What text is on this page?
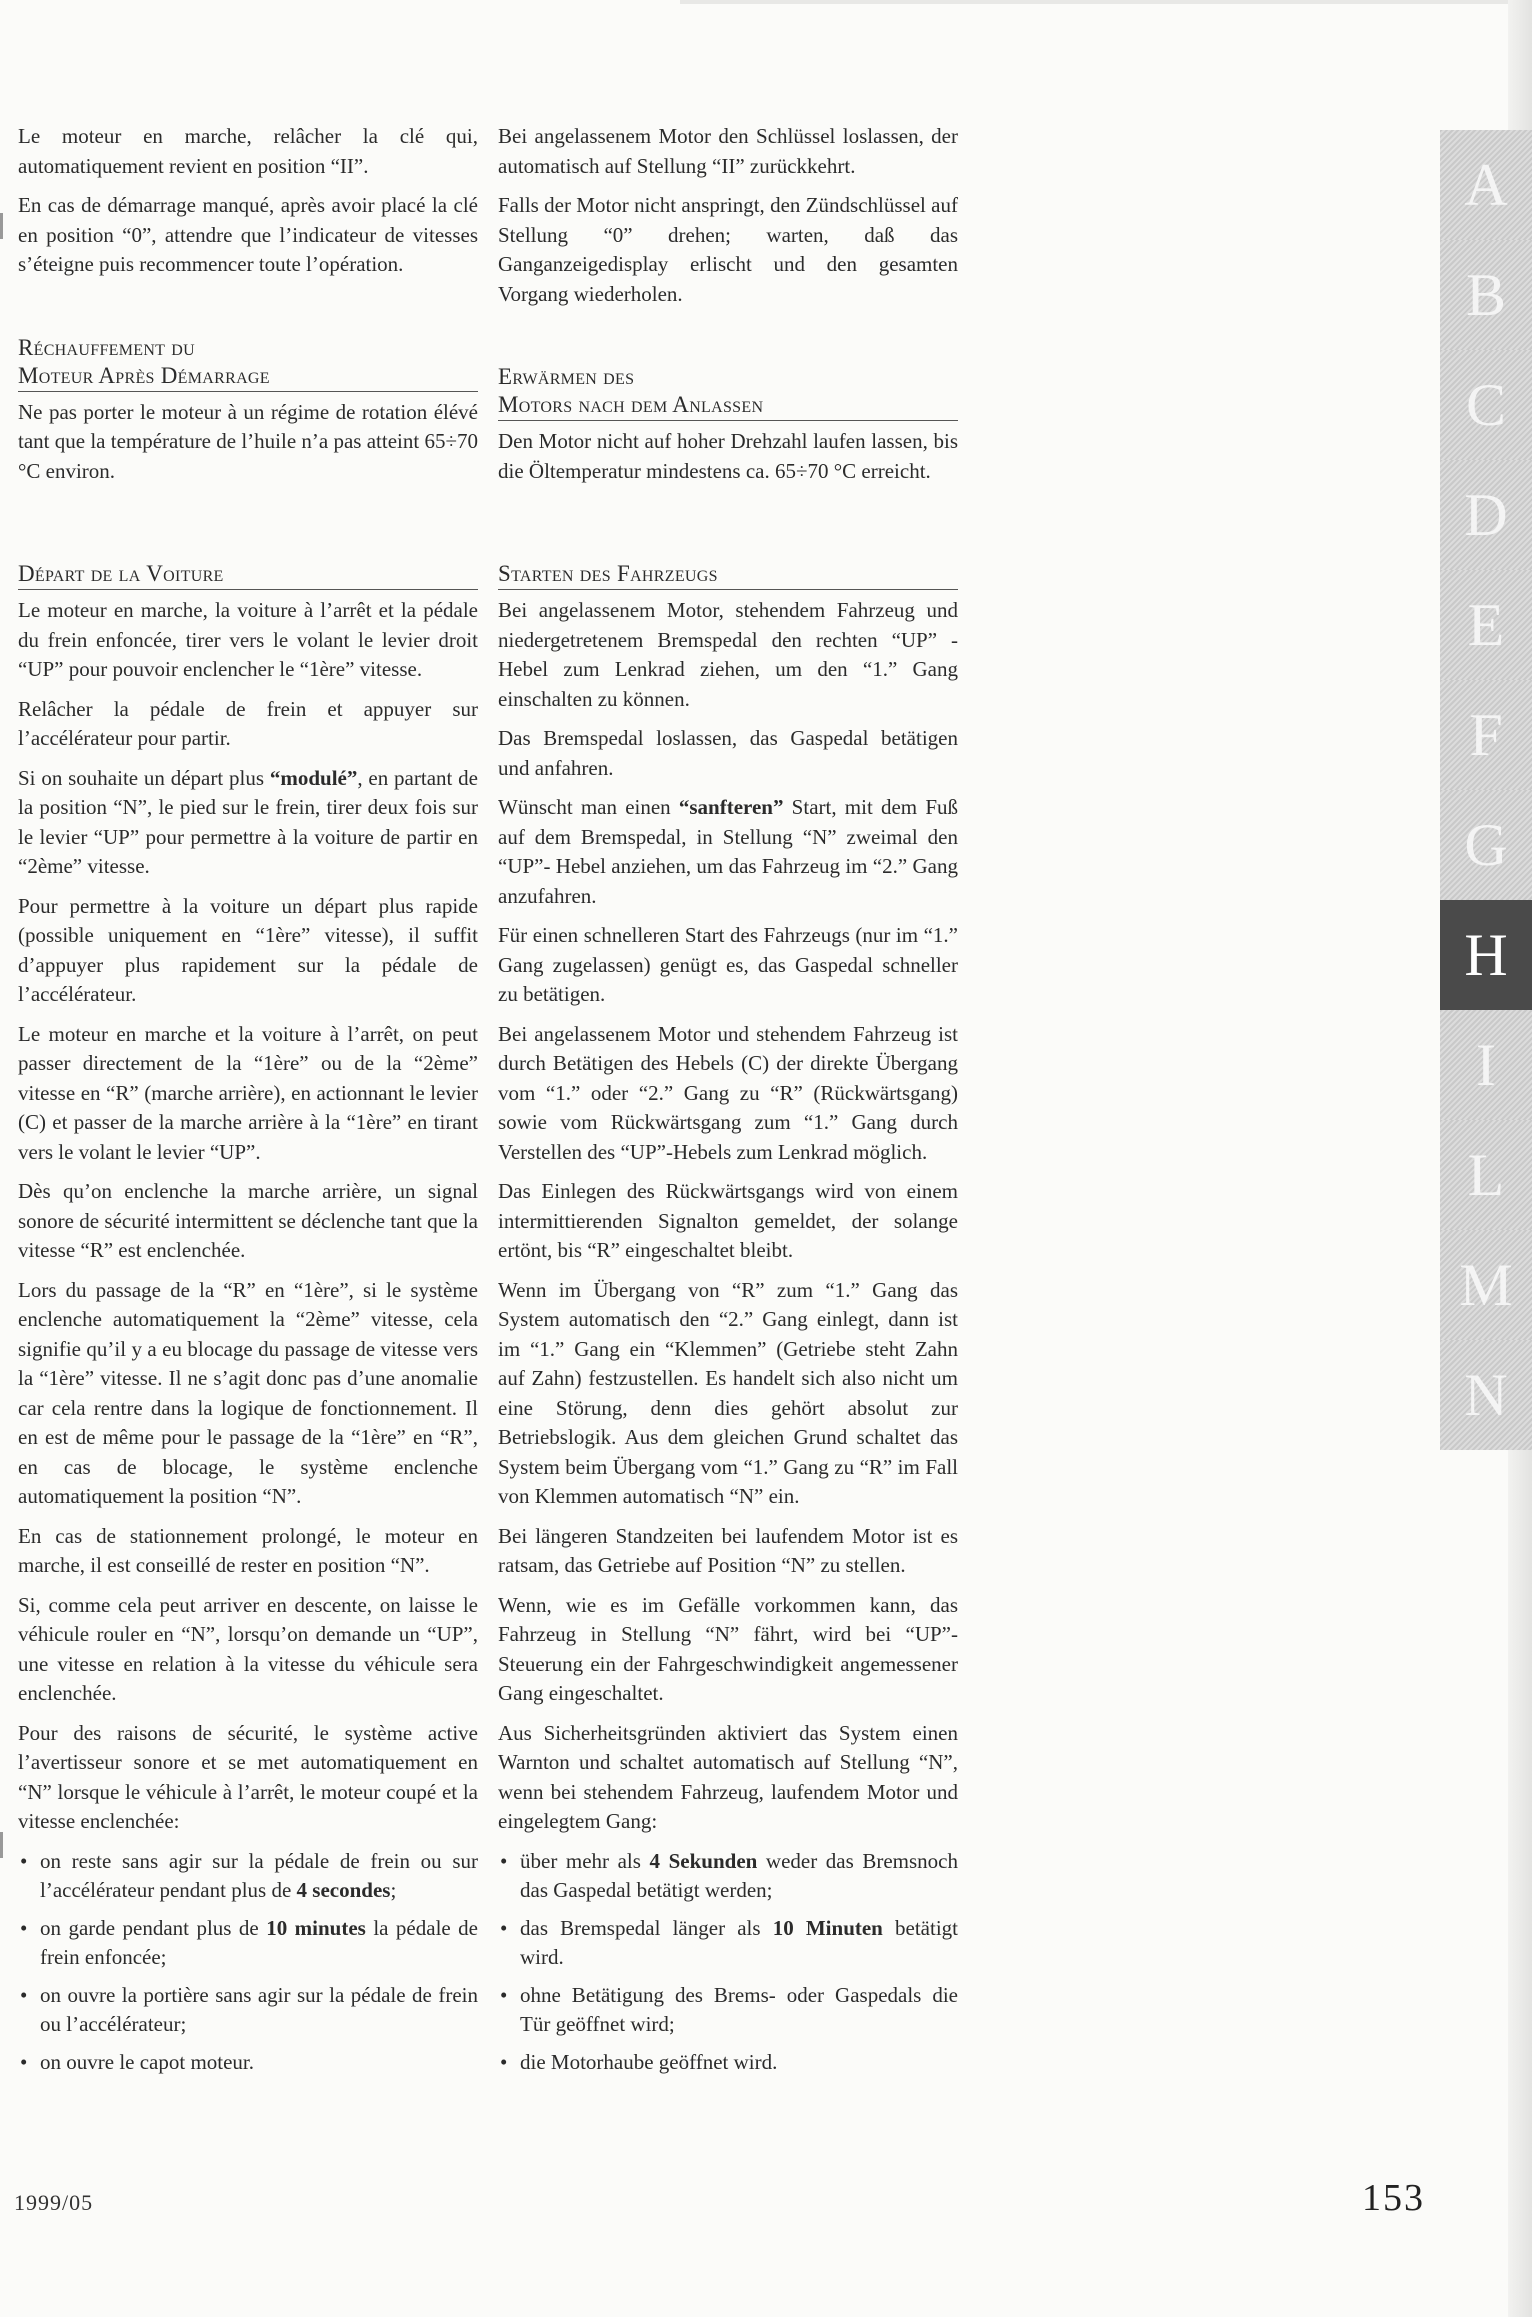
Le moteur en marche, relâcher la clé qui, automatiquement revient en position “II”.

En cas de démarrage manqué, après avoir placé la clé en position “0”, attendre que l’indicateur de vitesses s’éteigne puis recommencer toute l’opération.

Réchauffement du
Moteur Après Démarrage

Ne pas porter le moteur à un régime de rotation élévé tant que la température de l’huile n’a pas atteint 65÷70 °C environ.

Départ de la Voiture

Le moteur en marche, la voiture à l’arrêt et la pédale du frein enfoncée, tirer vers le volant le levier droit “UP” pour pouvoir enclencher le “1ère” vitesse.

Relâcher la pédale de frein et appuyer sur l’accélérateur pour partir.

Si on souhaite un départ plus “modulé”, en partant de la position “N”, le pied sur le frein, tirer deux fois sur le levier “UP” pour permettre à la voiture de partir en “2ème” vitesse.

Pour permettre à la voiture un départ plus rapide (possible uniquement en “1ère” vitesse), il suffit d’appuyer plus rapidement sur la pédale de l’accélérateur.

Le moteur en marche et la voiture à l’arrêt, on peut passer directement de la “1ère” ou de la “2ème” vitesse en “R” (marche arrière), en actionnant le levier (C) et passer de la marche arrière à la “1ère” en tirant vers le volant le levier “UP”.

Dès qu’on enclenche la marche arrière, un signal sonore de sécurité intermittent se déclenche tant que la vitesse “R” est enclenchée.

Lors du passage de la “R” en “1ère”, si le système enclenche automatiquement la “2ème” vitesse, cela signifie qu’il y a eu blocage du passage de vitesse vers la “1ère” vitesse. Il ne s’agit donc pas d’une anomalie car cela rentre dans la logique de fonctionnement. Il en est de même pour le passage de la “1ère” en “R”, en cas de blocage, le système enclenche automatiquement la position “N”.

En cas de stationnement prolongé, le moteur en marche, il est conseillé de rester en position “N”.

Si, comme cela peut arriver en descente, on laisse le véhicule rouler en “N”, lorsqu’on demande un “UP”, une vitesse en relation à la vitesse du véhicule sera enclenchée.

Pour des raisons de sécurité, le système active l’avertisseur sonore et se met automatiquement en “N” lorsque le véhicule à l’arrêt, le moteur coupé et la vitesse enclenchée:

• on reste sans agir sur la pédale de frein ou sur l’accélérateur pendant plus de 4 secondes;
• on garde pendant plus de 10 minutes la pédale de frein enfoncée;
• on ouvre la portière sans agir sur la pédale de frein ou l’accélérateur;
• on ouvre le capot moteur.

Bei angelassenem Motor den Schlüssel loslassen, der automatisch auf Stellung “II” zurückkehrt.

Falls der Motor nicht anspringt, den Zündschlüssel auf Stellung “0” drehen; warten, daß das Ganganzeigedisplay erlischt und den gesamten Vorgang wiederholen.

Erwärmen des
Motors nach dem Anlassen

Den Motor nicht auf hoher Drehzahl laufen lassen, bis die Öltemperatur mindestens ca. 65÷70 °C erreicht.

Starten des Fahrzeugs

Bei angelassenem Motor, stehendem Fahrzeug und niedergetretenem Bremspedal den rechten “UP” - Hebel zum Lenkrad ziehen, um den “1.” Gang einschalten zu können.

Das Bremspedal loslassen, das Gaspedal betätigen und anfahren.

Wünscht man einen “sanfteren” Start, mit dem Fuß auf dem Bremspedal, in Stellung “N” zweimal den “UP”- Hebel anziehen, um das Fahrzeug im “2.” Gang anzufahren.

Für einen schnelleren Start des Fahrzeugs (nur im “1.” Gang zugelassen) genügt es, das Gaspedal schneller zu betätigen.

Bei angelassenem Motor und stehendem Fahrzeug ist durch Betätigen des Hebels (C) der direkte Übergang vom “1.” oder “2.” Gang zu “R” (Rückwärtsgang) sowie vom Rückwärtsgang zum “1.” Gang durch Verstellen des “UP”-Hebels zum Lenkrad möglich.

Das Einlegen des Rückwärtsgangs wird von einem intermittierenden Signalton gemeldet, der solange ertönt, bis “R” eingeschaltet bleibt.

Wenn im Übergang von “R” zum “1.” Gang das System automatisch den “2.” Gang einlegt, dann ist im “1.” Gang ein “Klemmen” (Getriebe steht Zahn auf Zahn) festzustellen. Es handelt sich also nicht um eine Störung, denn dies gehört absolut zur Betriebslogik. Aus dem gleichen Grund schaltet das System beim Übergang vom “1.” Gang zu “R” im Fall von Klemmen automatisch “N” ein.

Bei längeren Standzeiten bei laufendem Motor ist es ratsam, das Getriebe auf Position “N” zu stellen.

Wenn, wie es im Gefälle vorkommen kann, das Fahrzeug in Stellung “N” fährt, wird bei “UP”-Steuerung ein der Fahrgeschwindigkeit angemessener Gang eingeschaltet.

Aus Sicherheitsgründen aktiviert das System einen Warnton und schaltet automatisch auf Stellung “N”, wenn bei stehendem Fahrzeug, laufendem Motor und eingelegtem Gang:

• über mehr als 4 Sekunden weder das Bremsnoch das Gaspedal betätigt werden;
• das Bremspedal länger als 10 Minuten betätigt wird.
• ohne Betätigung des Brems- oder Gaspedals die Tür geöffnet wird;
• die Motorhaube geöffnet wird.
A
B
C
D
E
F
G
H
I
L
M
N
1999/05	153
